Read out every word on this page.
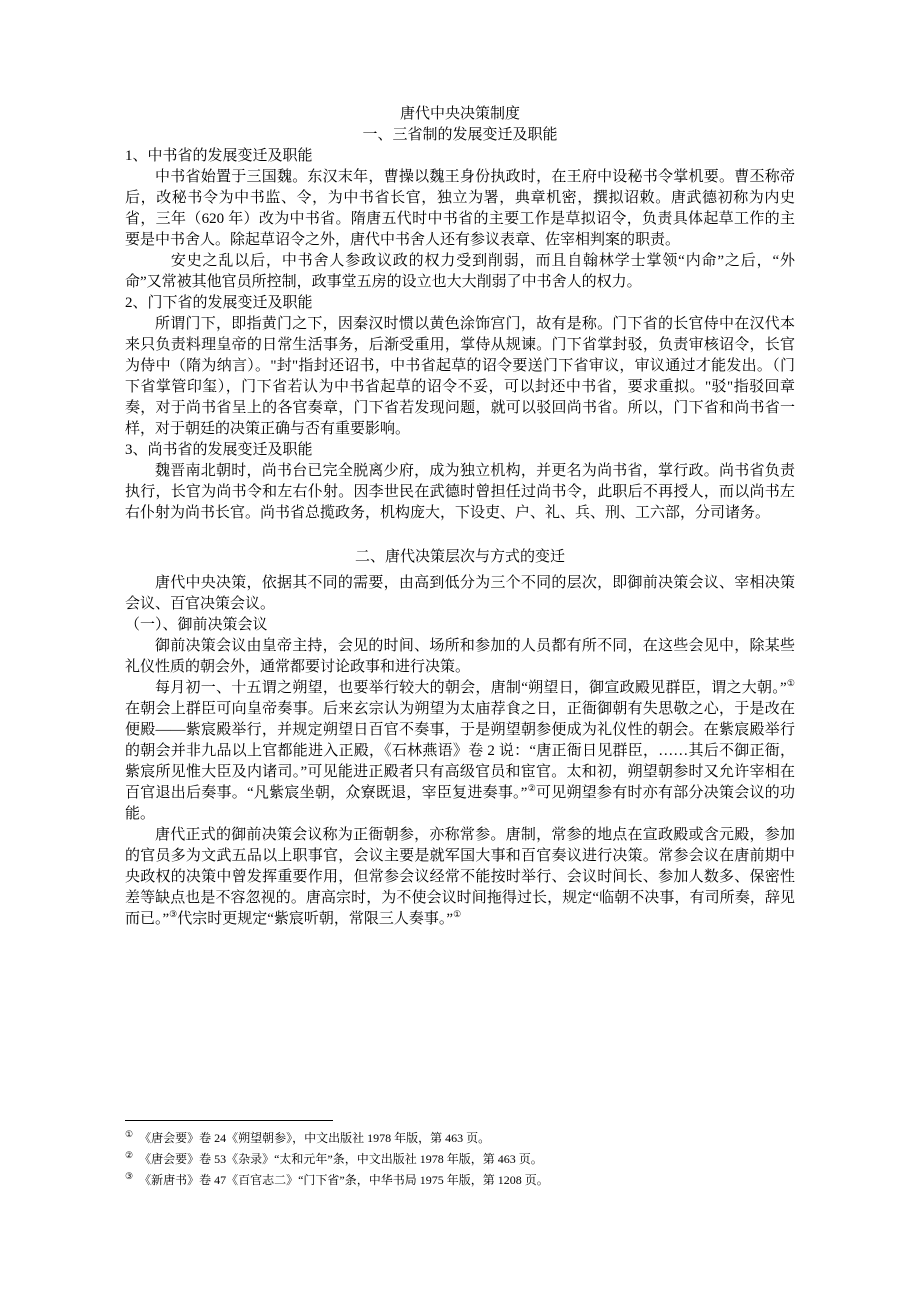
唐代中央决策制度

一、三省制的发展变迁及职能

1、中书省的发展变迁及职能

中书省始置于三国魏。东汉末年，曹操以魏王身份执政时，在王府中设秘书令掌机要。曹丕称帝后，改秘书令为中书监、令，为中书省长官，独立为署，典章机密，撰拟诏敕。唐武德初称为内史省，三年（620 年）改为中书省。隋唐五代时中书省的主要工作是草拟诏令，负责具体起草工作的主要是中书舍人。除起草诏令之外，唐代中书舍人还有参议表章、佐宰相判案的职责。

　安史之乱以后，中书舍人参政议政的权力受到削弱，而且自翰林学士掌领“内命”之后，“外命”又常被其他官员所控制，政事堂五房的设立也大大削弱了中书舍人的权力。

2、门下省的发展变迁及职能

所谓门下，即指黄门之下，因秦汉时惯以黄色涂饰宫门，故有是称。门下省的长官侍中在汉代本来只负责料理皇帝的日常生活事务，后渐受重用，掌侍从规谏。门下省掌封驳，负责审核诏令，长官为侍中（隋为纳言）。"封"指封还诏书，中书省起草的诏令要送门下省审议，审议通过才能发出。（门下省掌管印玺），门下省若认为中书省起草的诏令不妥，可以封还中书省，要求重拟。"驳"指驳回章奏，对于尚书省呈上的各官奏章，门下省若发现问题，就可以驳回尚书省。所以，门下省和尚书省一样，对于朝廷的决策正确与否有重要影响。

3、尚书省的发展变迁及职能

魏晋南北朝时，尚书台已完全脱离少府，成为独立机构，并更名为尚书省，掌行政。尚书省负责执行，长官为尚书令和左右仆射。因李世民在武德时曾担任过尚书令，此职后不再授人，而以尚书左右仆射为尚书长官。尚书省总揽政务，机构庞大，下设吏、户、礼、兵、刑、工六部，分司诸务。

二、唐代决策层次与方式的变迁

唐代中央决策，依据其不同的需要，由高到低分为三个不同的层次，即御前决策会议、宰相决策会议、百官决策会议。

（一）、御前决策会议

御前决策会议由皇帝主持，会见的时间、场所和参加的人员都有所不同，在这些会见中，除某些礼仪性质的朝会外，通常都要讨论政事和进行决策。

每月初一、十五谓之朔望，也要举行较大的朝会，唐制“朔望日，御宣政殿见群臣，谓之大朝。”①在朝会上群臣可向皇帝奏事。后来玄宗认为朔望为太庙荐食之日，正衙御朝有失思敬之心，于是改在便殿——紫宸殿举行，并规定朔望日百官不奏事，于是朔望朝参便成为礼仪性的朝会。在紫宸殿举行的朝会并非九品以上官都能进入正殿，《石林燕语》卷 2 说：“唐正衙日见群臣，……其后不御正衙，紫宸所见惟大臣及内诸司。”可见能进正殿者只有高级官员和宦官。太和初，朔望朝参时又允许宰相在百官退出后奏事。“凡紫宸坐朝，众寮既退，宰臣复进奏事。”②可见朔望参有时亦有部分决策会议的功能。

唐代正式的御前决策会议称为正衙朝参，亦称常参。唐制，常参的地点在宣政殿或含元殿，参加的官员多为文武五品以上职事官，会议主要是就军国大事和百官奏议进行决策。常参会议在唐前期中央政权的决策中曾发挥重要作用，但常参会议经常不能按时举行、会议时间长、参加人数多、保密性差等缺点也是不容忽视的。唐高宗时，为不使会议时间拖得过长，规定“临朝不决事，有司所奏，辞见而已。”③代宗时更规定“紫宸听朝，常限三人奏事。”①

① 《唐会要》卷 24《朔望朝参》，中文出版社 1978 年版，第 463 页。

② 《唐会要》卷 53《杂录》“太和元年”条，中文出版社 1978 年版，第 463 页。

③ 《新唐书》卷 47《百官志二》“门下省”条，中华书局 1975 年版，第 1208 页。
